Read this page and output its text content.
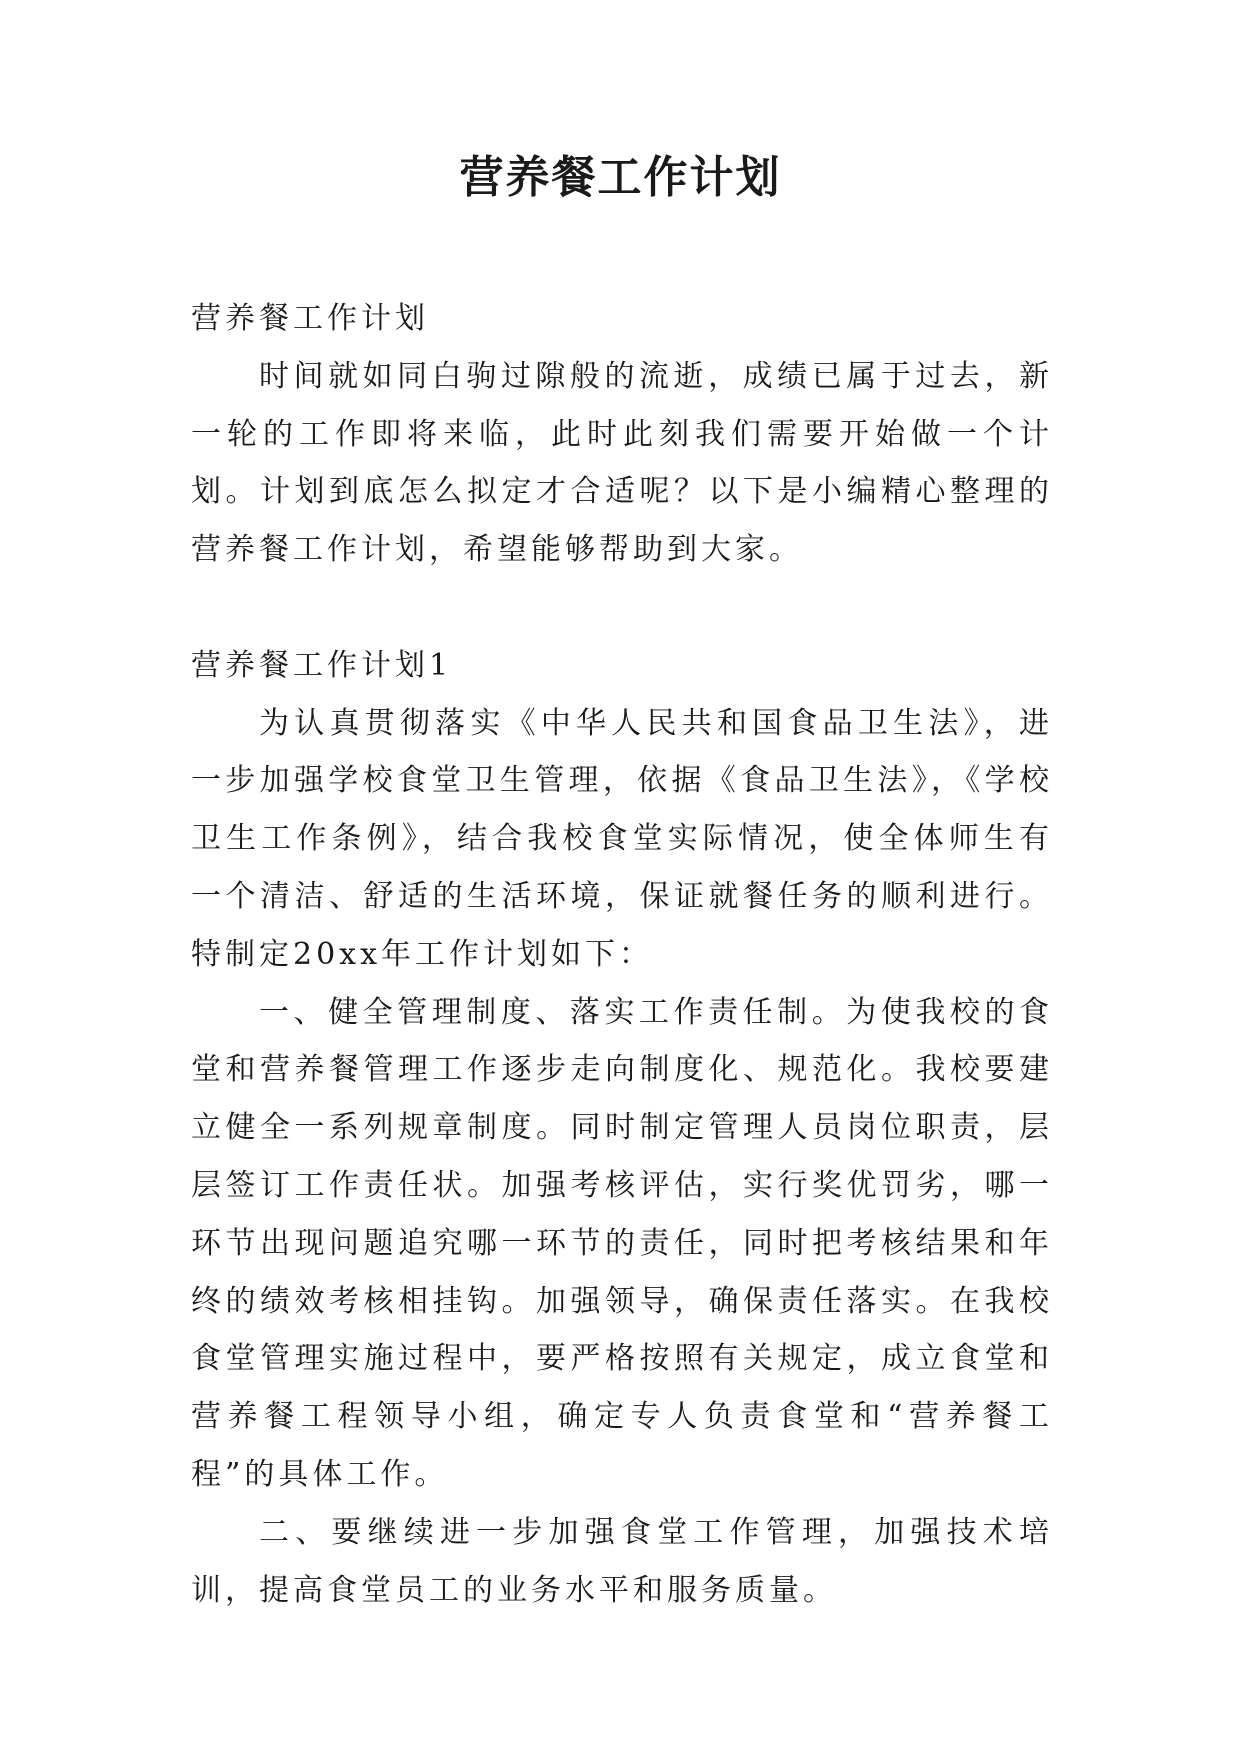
营养餐工作计划

营养餐工作计划

时间就如同白驹过隙般的流逝，成绩已属于过去，新一轮的工作即将来临，此时此刻我们需要开始做一个计划。计划到底怎么拟定才合适呢？以下是小编精心整理的营养餐工作计划，希望能够帮助到大家。

营养餐工作计划1

为认真贯彻落实《中华人民共和国食品卫生法》，进一步加强学校食堂卫生管理，依据《食品卫生法》，《学校卫生工作条例》，结合我校食堂实际情况，使全体师生有一个清洁、舒适的生活环境，保证就餐任务的顺利进行。特制定20xx年工作计划如下：

一、健全管理制度、落实工作责任制。为使我校的食堂和营养餐管理工作逐步走向制度化、规范化。我校要建立健全一系列规章制度。同时制定管理人员岗位职责，层层签订工作责任状。加强考核评估，实行奖优罚劣，哪一环节出现问题追究哪一环节的责任，同时把考核结果和年终的绩效考核相挂钩。加强领导，确保责任落实。在我校食堂管理实施过程中，要严格按照有关规定，成立食堂和营养餐工程领导小组，确定专人负责食堂和“营养餐工程”的具体工作。

二、要继续进一步加强食堂工作管理，加强技术培训，提高食堂员工的业务水平和服务质量。
